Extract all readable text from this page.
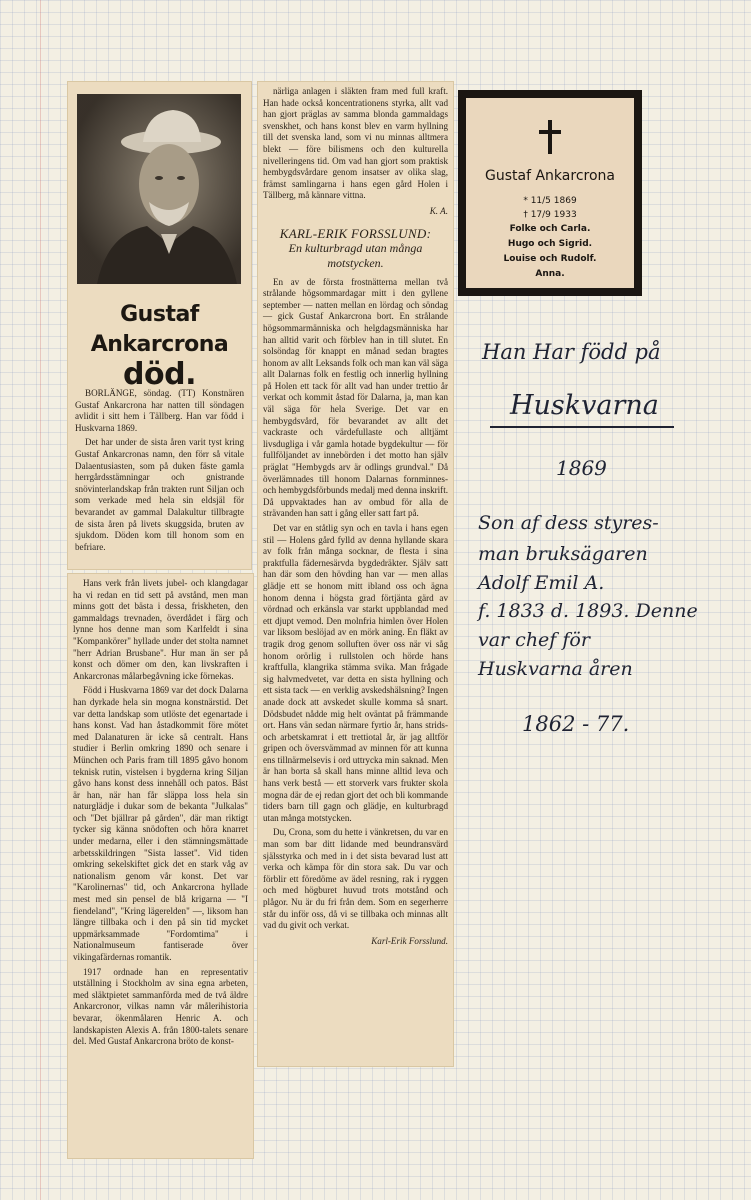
Gustaf Ankarcrona
död.

BORLÄNGE, söndag. (TT) Konstnären Gustaf Ankarcrona har natten till söndagen avlidit i sitt hem i Tällberg. Han var född i Huskvarna 1869.

Det har under de sista åren varit tyst kring Gustaf Ankarcronas namn, den förr så vitale Dalaentusiasten, som på duken fäste gamla herrgårdsstämningar och gnistrande snövinterlandskap från trakten runt Siljan och som verkade med hela sin eldsjäl för bevarandet av gammal Dalakultur tillbragte de sista åren på livets skuggsida, bruten av sjukdom. Döden kom till honom som en befriare.

Hans verk från livets jubel- och klangdagar ha vi redan en tid sett på avstånd, men man minns gott det bästa i dessa, friskheten, den gammaldags trevnaden, överdådet i färg och lynne hos denne man som Karlfeldt i sina "Kompankörer" hyllade under det stolta namnet "herr Adrian Brusbane". Hur man än ser på konst och dömer om den, kan livskraften i Ankarcronas målarbegåvning icke förnekas.

Född i Huskvarna 1869 var det dock Dalarna han dyrkade hela sin mogna konstnärstid. Det var detta landskap som utlöste det egenartade i hans konst. Vad han åstadkommit före mötet med Dalanaturen är icke så centralt. Hans studier i Berlin omkring 1890 och senare i München och Paris fram till 1895 gåvo honom teknisk rutin, vistelsen i bygderna kring Siljan gåvo hans konst dess innehåll och patos. Bäst är han, när han får släppa loss hela sin naturglädje i dukar som de bekanta "Julkalas" och "Det bjällrar på gården", där man riktigt tycker sig känna snödoften och höra knarret under medarna, eller i den stämningsmättade arbetsskildringen "Sista lasset". Vid tiden omkring sekelskiftet gick det en stark våg av nationalism genom vår konst. Det var "Karolinernas" tid, och Ankarcrona hyllade mest med sin pensel de blå krigarna — "I fiendeland", "Kring lägerelden" —, liksom han längre tillbaka och i den på sin tid mycket uppmärksammade "Fordomtima" i Nationalmuseum fantiserade över vikingafärdernas romantik.

1917 ordnade han en representativ utställning i Stockholm av sina egna arbeten, med släktpietet sammanförda med de två äldre Ankarcronor, vilkas namn vår målerihistoria bevarar, ökenmålaren Henric A. och landskapisten Alexis A. från 1800-talets senare del. Med Gustaf Ankarcrona bröto de konst-

närliga anlagen i släkten fram med full kraft. Han hade också koncentrationens styrka, allt vad han gjort präglas av samma blonda gammaldags svenskhet, och hans konst blev en varm hyllning till det svenska land, som vi nu minnas alltmera blekt — före bilismens och den kulturella nivelleringens tid. Om vad han gjort som praktisk hembygdsvårdare genom insatser av olika slag, främst samlingarna i hans egen gård Holen i Tällberg, må kännare vittna.

K. A.
KARL-ERIK FORSSLUND:
En kulturbragd utan många motstycken.

En av de första frostnätterna mellan två strålande högsommardagar mitt i den gyllene september — natten mellan en lördag och söndag — gick Gustaf Ankarcrona bort. En strålande högsommarmänniska och helgdagsmänniska har han alltid varit och förblev han in till slutet. En solsöndag för knappt en månad sedan bragtes honom av allt Leksands folk och man kan väl säga allt Dalarnas folk en festlig och innerlig hyllning på Holen ett tack för allt vad han under trettio år verkat och kommit åstad för Dalarna, ja, man kan väl säga för hela Sverige. Det var en hembygdsvård, för bevarandet av allt det vackraste och värdefullaste och alltjämt livsdugliga i vår gamla hotade bygdekultur — för fullföljandet av innebörden i det motto han själv präglat "Hembygds arv är odlings grundval." Då överlämnades till honom Dalarnas fornminnes- och hembygdsförbunds medalj med denna inskrift. Då uppvaktades han av ombud för alla de strävanden han satt i gång eller satt fart på.

Det var en ståtlig syn och en tavla i hans egen stil — Holens gård fylld av denna hyllande skara av folk från många socknar, de flesta i sina praktfulla fädernesärvda bygdedräkter. Själv satt han där som den hövding han var — men allas glädje ett se honom mitt ibland oss och ägna honom denna i högsta grad förtjänta gärd av vördnad och erkänsla var starkt uppblandad med ett djupt vemod. Den molnfria himlen över Holen var liksom beslöjad av en mörk aning. En fläkt av tragik drog genom solluften över oss när vi såg honom orörlig i rullstolen och hörde hans kraftfulla, klangrika stämma svika. Man frågade sig halvmedvetet, var detta en sista hyllning och ett sista tack — en verklig avskedshälsning? Ingen anade dock att avskedet skulle komma så snart. Dödsbudet nådde mig helt oväntat på främmande ort. Hans vän sedan närmare fyrtio år, hans strids- och arbetskamrat i ett trettiotal år, är jag alltför gripen och översvämmad av minnen för att kunna ens tillnärmelsevis i ord uttrycka min saknad. Men är han borta så skall hans minne alltid leva och hans verk bestå — ett storverk vars frukter skola mogna där de ej redan gjort det och bli kommande tiders barn till gagn och glädje, en kulturbragd utan många motstycken.

Du, Crona, som du hette i vänkretsen, du var en man som bar ditt lidande med beundransvärd själsstyrka och med in i det sista bevarad lust att verka och kämpa för din stora sak. Du var och förblir ett föredöme av ädel resning, rak i ryggen och med högburet huvud trots motstånd och plågor. Nu är du fri från dem. Som en segerherre står du inför oss, då vi se tillbaka och minnas allt vad du givit och verkat.

Karl-Erik Forsslund.
Gustaf Ankarcrona
* 11/5 1869
† 17/9 1933
Folke och Carla.
Hugo och Sigrid.
Louise och Rudolf.
Anna.
Han Har född på
Huskvarna
1869
Son af dess styres-
man bruksägaren
Adolf Emil A.
f. 1833 d. 1893. Denne
var chef för
Huskvarna åren
1862 - 77.
